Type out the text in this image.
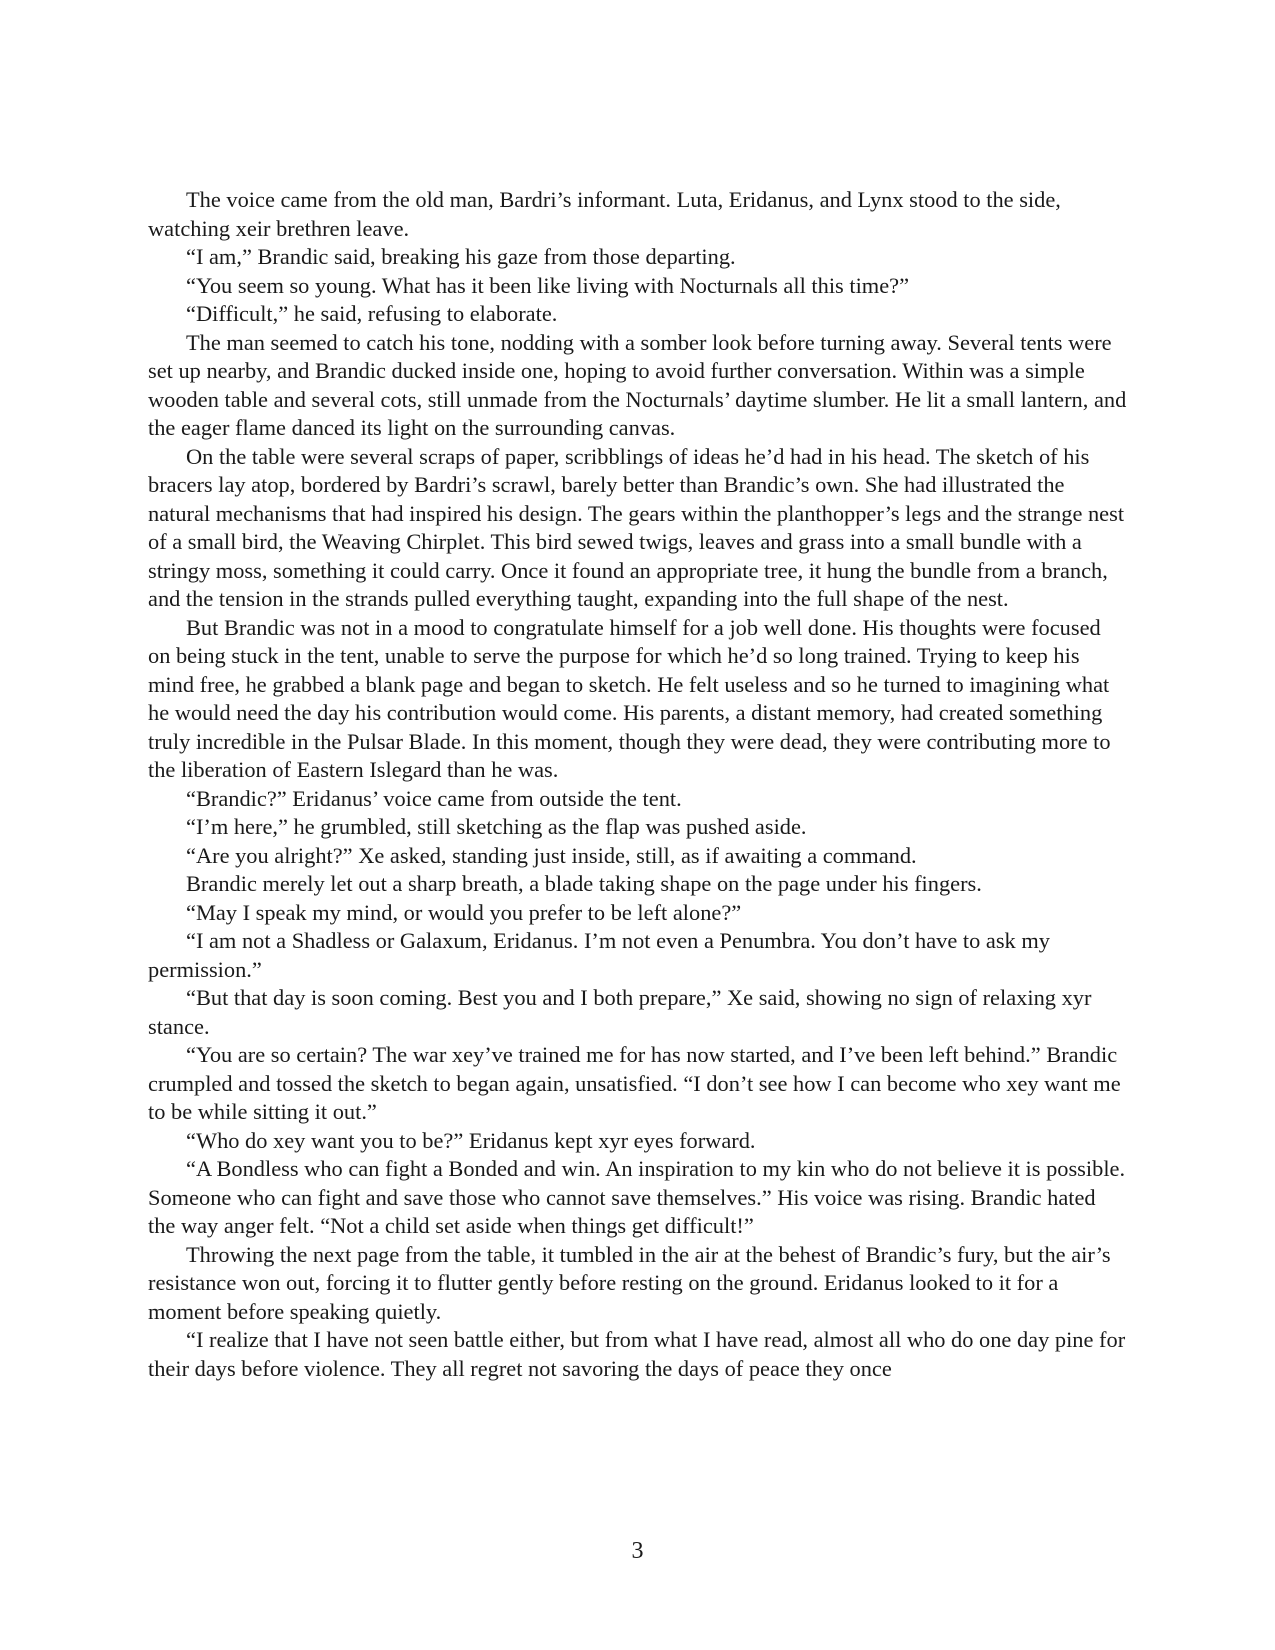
The voice came from the old man, Bardri’s informant. Luta, Eridanus, and Lynx stood to the side, watching xeir brethren leave.

“I am,” Brandic said, breaking his gaze from those departing.

“You seem so young. What has it been like living with Nocturnals all this time?”

“Difficult,” he said, refusing to elaborate.

The man seemed to catch his tone, nodding with a somber look before turning away. Several tents were set up nearby, and Brandic ducked inside one, hoping to avoid further conversation. Within was a simple wooden table and several cots, still unmade from the Nocturnals’ daytime slumber. He lit a small lantern, and the eager flame danced its light on the surrounding canvas.

On the table were several scraps of paper, scribblings of ideas he’d had in his head. The sketch of his bracers lay atop, bordered by Bardri’s scrawl, barely better than Brandic’s own. She had illustrated the natural mechanisms that had inspired his design. The gears within the planthopper’s legs and the strange nest of a small bird, the Weaving Chirplet. This bird sewed twigs, leaves and grass into a small bundle with a stringy moss, something it could carry. Once it found an appropriate tree, it hung the bundle from a branch, and the tension in the strands pulled everything taught, expanding into the full shape of the nest.

But Brandic was not in a mood to congratulate himself for a job well done. His thoughts were focused on being stuck in the tent, unable to serve the purpose for which he’d so long trained. Trying to keep his mind free, he grabbed a blank page and began to sketch. He felt useless and so he turned to imagining what he would need the day his contribution would come. His parents, a distant memory, had created something truly incredible in the Pulsar Blade. In this moment, though they were dead, they were contributing more to the liberation of Eastern Islegard than he was.

“Brandic?” Eridanus’ voice came from outside the tent.

“I’m here,” he grumbled, still sketching as the flap was pushed aside.

“Are you alright?” Xe asked, standing just inside, still, as if awaiting a command.

Brandic merely let out a sharp breath, a blade taking shape on the page under his fingers.

“May I speak my mind, or would you prefer to be left alone?”

“I am not a Shadless or Galaxum, Eridanus. I’m not even a Penumbra. You don’t have to ask my permission.”

“But that day is soon coming. Best you and I both prepare,” Xe said, showing no sign of relaxing xyr stance.

“You are so certain? The war xey’ve trained me for has now started, and I’ve been left behind.” Brandic crumpled and tossed the sketch to began again, unsatisfied. “I don’t see how I can become who xey want me to be while sitting it out.”

“Who do xey want you to be?” Eridanus kept xyr eyes forward.

“A Bondless who can fight a Bonded and win. An inspiration to my kin who do not believe it is possible. Someone who can fight and save those who cannot save themselves.” His voice was rising. Brandic hated the way anger felt. “Not a child set aside when things get difficult!”

Throwing the next page from the table, it tumbled in the air at the behest of Brandic’s fury, but the air’s resistance won out, forcing it to flutter gently before resting on the ground. Eridanus looked to it for a moment before speaking quietly.

“I realize that I have not seen battle either, but from what I have read, almost all who do one day pine for their days before violence. They all regret not savoring the days of peace they once

3
